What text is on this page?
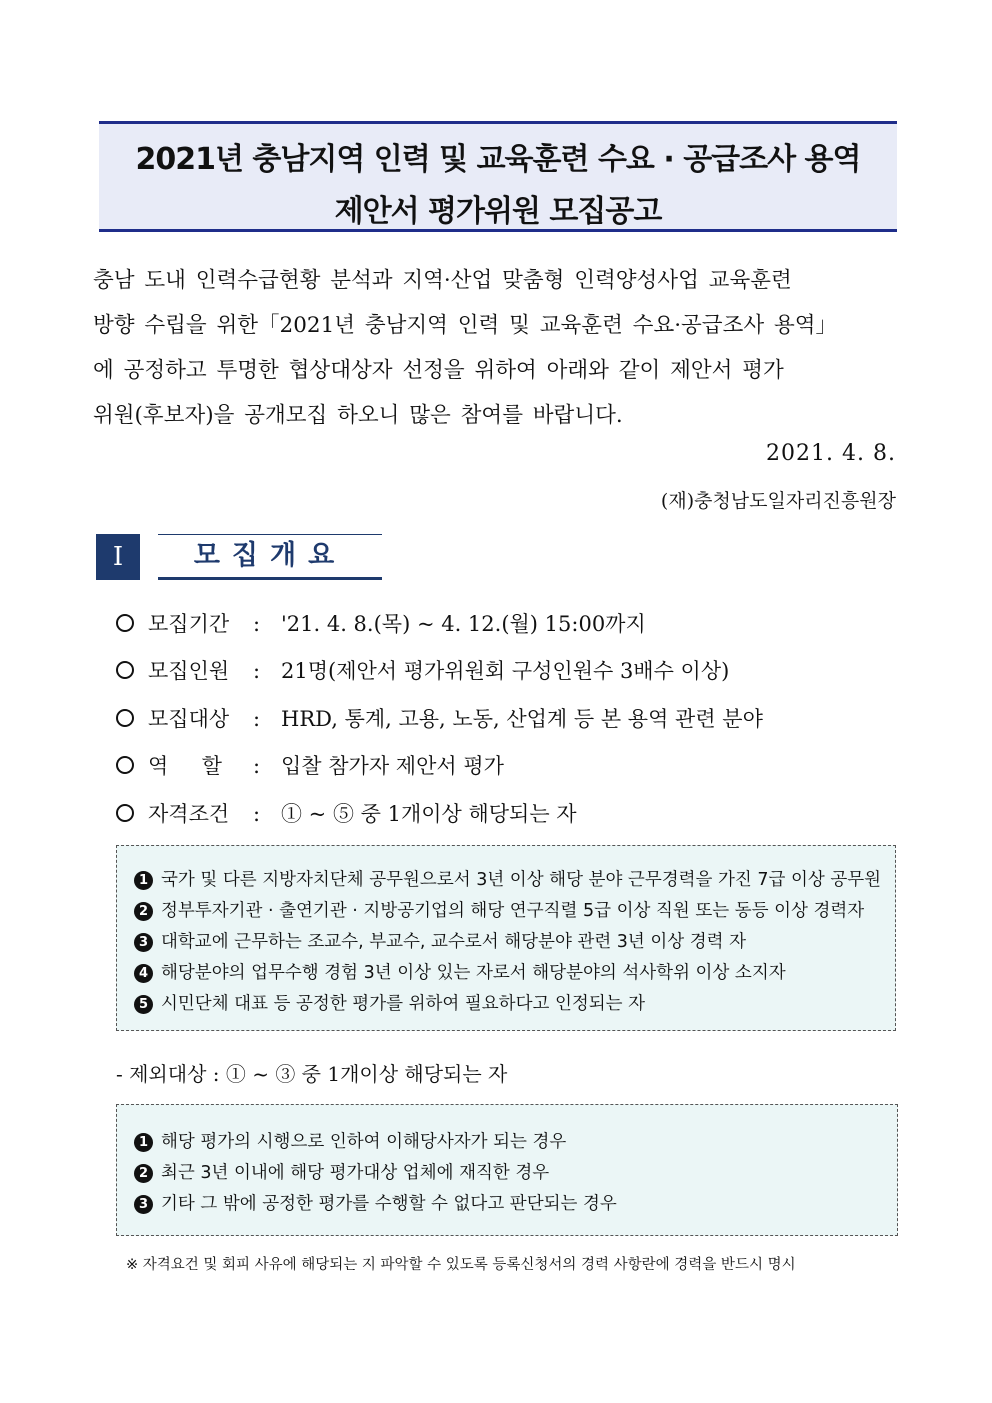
2021년 충남지역 인력 및 교육훈련 수요 · 공급조사 용역
제안서 평가위원 모집공고
충남 도내 인력수급현황 분석과 지역·산업 맞춤형 인력양성사업 교육훈련
방향 수립을 위한「2021년 충남지역 인력 및 교육훈련 수요·공급조사 용역」
에 공정하고 투명한 협상대상자 선정을 위하여 아래와 같이 제안서 평가
위원(후보자)을 공개모집 하오니 많은 참여를 바랍니다.
2021. 4. 8.
(재)충청남도일자리진흥원장
I	모집개요
모집기간 : '21. 4. 8.(목) ~ 4. 12.(월) 15:00까지
모집인원 : 21명(제안서 평가위원회 구성인원수 3배수 이상)
모집대상 : HRD, 통계, 고용, 노동, 산업계 등 본 용역 관련 분야
역     할 : 입찰 참가자 제안서 평가
자격조건 : ① ~ ⑤ 중 1개이상 해당되는 자
1 국가 및 다른 지방자치단체 공무원으로서 3년 이상 해당 분야 근무경력을 가진 7급 이상 공무원
2 정부투자기관 · 출연기관 · 지방공기업의 해당 연구직렬 5급 이상 직원 또는 동등 이상 경력자
3 대학교에 근무하는 조교수, 부교수, 교수로서 해당분야 관련 3년 이상 경력 자
4 해당분야의 업무수행 경험 3년 이상 있는 자로서 해당분야의 석사학위 이상 소지자
5 시민단체 대표 등 공정한 평가를 위하여 필요하다고 인정되는 자
- 제외대상 : ① ~ ③ 중 1개이상 해당되는 자
1 해당 평가의 시행으로 인하여 이해당사자가 되는 경우
2 최근 3년 이내에 해당 평가대상 업체에 재직한 경우
3 기타 그 밖에 공정한 평가를 수행할 수 없다고 판단되는 경우
※ 자격요건 및 회피 사유에 해당되는 지 파악할 수 있도록 등록신청서의 경력 사항란에 경력을 반드시 명시
